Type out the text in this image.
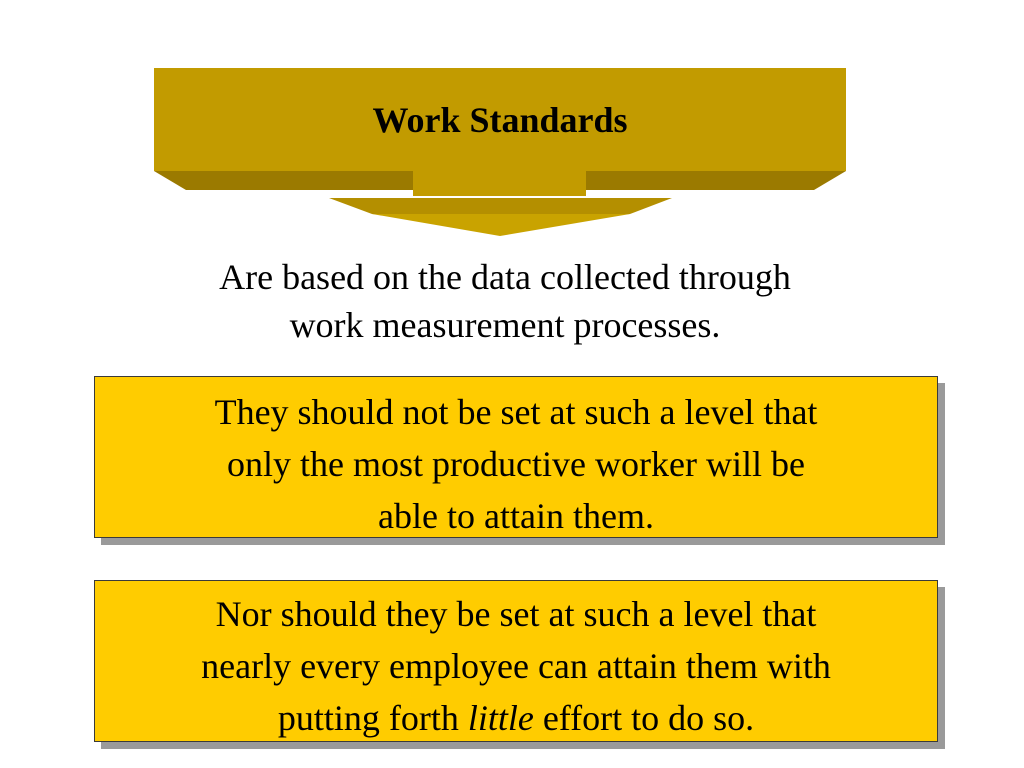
Work Standards

Are based on the data collected through

work measurement processes.

They should not be set at such a level that

only the most productive worker will be

able to attain them.

Nor should they be set at such a level that

nearly every employee can attain them with

putting forth little effort to do so.
